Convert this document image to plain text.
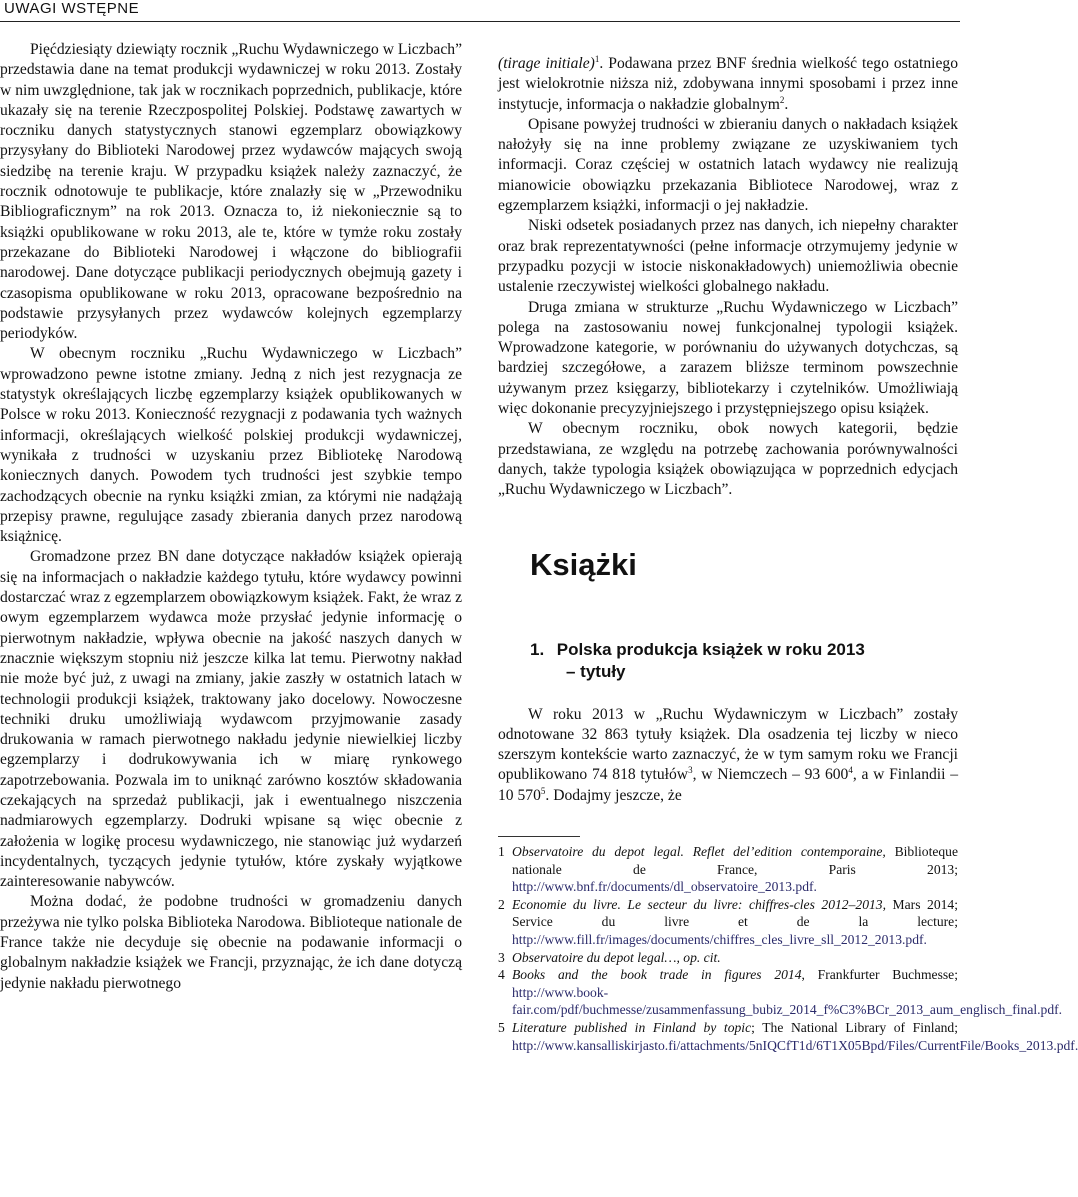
UWAGI WSTĘPNE

Pięćdziesiąty dziewiąty rocznik „Ruchu Wydawniczego w Liczbach” przedstawia dane na temat produkcji wydawniczej w roku 2013. Zostały w nim uwzględnione, tak jak w rocznikach poprzednich, publikacje, które ukazały się na terenie Rzeczpospolitej Polskiej. Podstawę zawartych w roczniku danych statystycznych stanowi egzemplarz obowiązkowy przysyłany do Biblioteki Narodowej przez wydawców mających swoją siedzibę na terenie kraju. W przypadku książek należy zaznaczyć, że rocznik odnotowuje te publikacje, które znalazły się w „Przewodniku Bibliograficznym” na rok 2013. Oznacza to, iż niekoniecznie są to książki opublikowane w roku 2013, ale te, które w tymże roku zostały przekazane do Biblioteki Narodowej i włączone do bibliografii narodowej. Dane dotyczące publikacji periodycznych obejmują gazety i czasopisma opublikowane w roku 2013, opracowane bezpośrednio na podstawie przysyłanych przez wydawców kolejnych egzemplarzy periodyków.

W obecnym roczniku „Ruchu Wydawniczego w Liczbach” wprowadzono pewne istotne zmiany. Jedną z nich jest rezygnacja ze statystyk określających liczbę egzemplarzy książek opublikowanych w Polsce w roku 2013. Konieczność rezygnacji z podawania tych ważnych informacji, określających wielkość polskiej produkcji wydawniczej, wynikała z trudności w uzyskaniu przez Bibliotekę Narodową koniecznych danych. Powodem tych trudności jest szybkie tempo zachodzących obecnie na rynku książki zmian, za którymi nie nadążają przepisy prawne, regulujące zasady zbierania danych przez narodową książnicę.

Gromadzone przez BN dane dotyczące nakładów książek opierają się na informacjach o nakładzie każdego tytułu, które wydawcy powinni dostarczać wraz z egzemplarzem obowiązkowym książek. Fakt, że wraz z owym egzemplarzem wydawca może przysłać jedynie informację o pierwotnym nakładzie, wpływa obecnie na jakość naszych danych w znacznie większym stopniu niż jeszcze kilka lat temu. Pierwotny nakład nie może być już, z uwagi na zmiany, jakie zaszły w ostatnich latach w technologii produkcji książek, traktowany jako docelowy. Nowoczesne techniki druku umożliwiają wydawcom przyjmowanie zasady drukowania w ramach pierwotnego nakładu jedynie niewielkiej liczby egzemplarzy i dodrukowywania ich w miarę rynkowego zapotrzebowania. Pozwala im to uniknąć zarówno kosztów składowania czekających na sprzedaż publikacji, jak i ewentualnego niszczenia nadmiarowych egzemplarzy. Dodruki wpisane są więc obecnie z założenia w logikę procesu wydawniczego, nie stanowiąc już wydarzeń incydentalnych, tyczących jedynie tytułów, które zyskały wyjątkowe zainteresowanie nabywców.

Można dodać, że podobne trudności w gromadzeniu danych przeżywa nie tylko polska Biblioteka Narodowa. Biblioteque nationale de France także nie decyduje się obecnie na podawanie informacji o globalnym nakładzie książek we Francji, przyznając, że ich dane dotyczą jedynie nakładu pierwotnego

(tirage initiale)$^1$. Podawana przez BNF średnia wielkość tego ostatniego jest wielokrotnie niższa niż, zdobywana innymi sposobami i przez inne instytucje, informacja o nakładzie globalnym$^2$.

Opisane powyżej trudności w zbieraniu danych o nakładach książek nałożyły się na inne problemy związane ze uzyskiwaniem tych informacji. Coraz częściej w ostatnich latach wydawcy nie realizują mianowicie obowiązku przekazania Bibliotece Narodowej, wraz z egzemplarzem książki, informacji o jej nakładzie.

Niski odsetek posiadanych przez nas danych, ich niepełny charakter oraz brak reprezentatywności (pełne informacje otrzymujemy jedynie w przypadku pozycji w istocie niskonakładowych) uniemożliwia obecnie ustalenie rzeczywistej wielkości globalnego nakładu.

Druga zmiana w strukturze „Ruchu Wydawniczego w Liczbach” polega na zastosowaniu nowej funkcjonalnej typologii książek. Wprowadzone kategorie, w porównaniu do używanych dotychczas, są bardziej szczegółowe, a zarazem bliższe terminom powszechnie używanym przez księgarzy, bibliotekarzy i czytelników. Umożliwiają więc dokonanie precyzyjniejszego i przystępniejszego opisu książek.

W obecnym roczniku, obok nowych kategorii, będzie przedstawiana, ze względu na potrzebę zachowania porównywalności danych, także typologia książek obowiązująca w poprzednich edycjach „Ruchu Wydawniczego w Liczbach”.

Książki
1. Polska produkcja książek w roku 2013
– tytuły

W roku 2013 w „Ruchu Wydawniczym w Liczbach” zostały odnotowane 32 863 tytuły książek. Dla osadzenia tej liczby w nieco szerszym kontekście warto zaznaczyć, że w tym samym roku we Francji opublikowano 74 818 tytułów$^3$, w Niemczech – 93 $600^4$, a w Finlandii – 10 $570^5$. Dodajmy jeszcze, że

1 Observatoire du depot legal. Reflet del’edition contemporaine, Biblioteque nationale de France, Paris 2013; http://www.bnf.fr/documents/dl_observatoire_2013.pdf.
2 Economie du livre. Le secteur du livre: chiffres-cles 2012–2013, Mars 2014; Service du livre et de la lecture; http://www.fill.fr/images/documents/chiffres_cles_livre_sll_2012_2013.pdf.
3 Observatoire du depot legal…, op. cit.
4 Books and the book trade in figures 2014, Frankfurter Buchmesse; http://www.book-fair.com/pdf/buchmesse/zusammenfassung_bubiz_2014_f%C3%BCr_2013_aum_englisch_final.pdf.
5 Literature published in Finland by topic; The National Library of Finland; http://www.kansalliskirjasto.fi/attachments/5nIQCfT1d/6T1X05Bpd/Files/CurrentFile/Books_2013.pdf.
